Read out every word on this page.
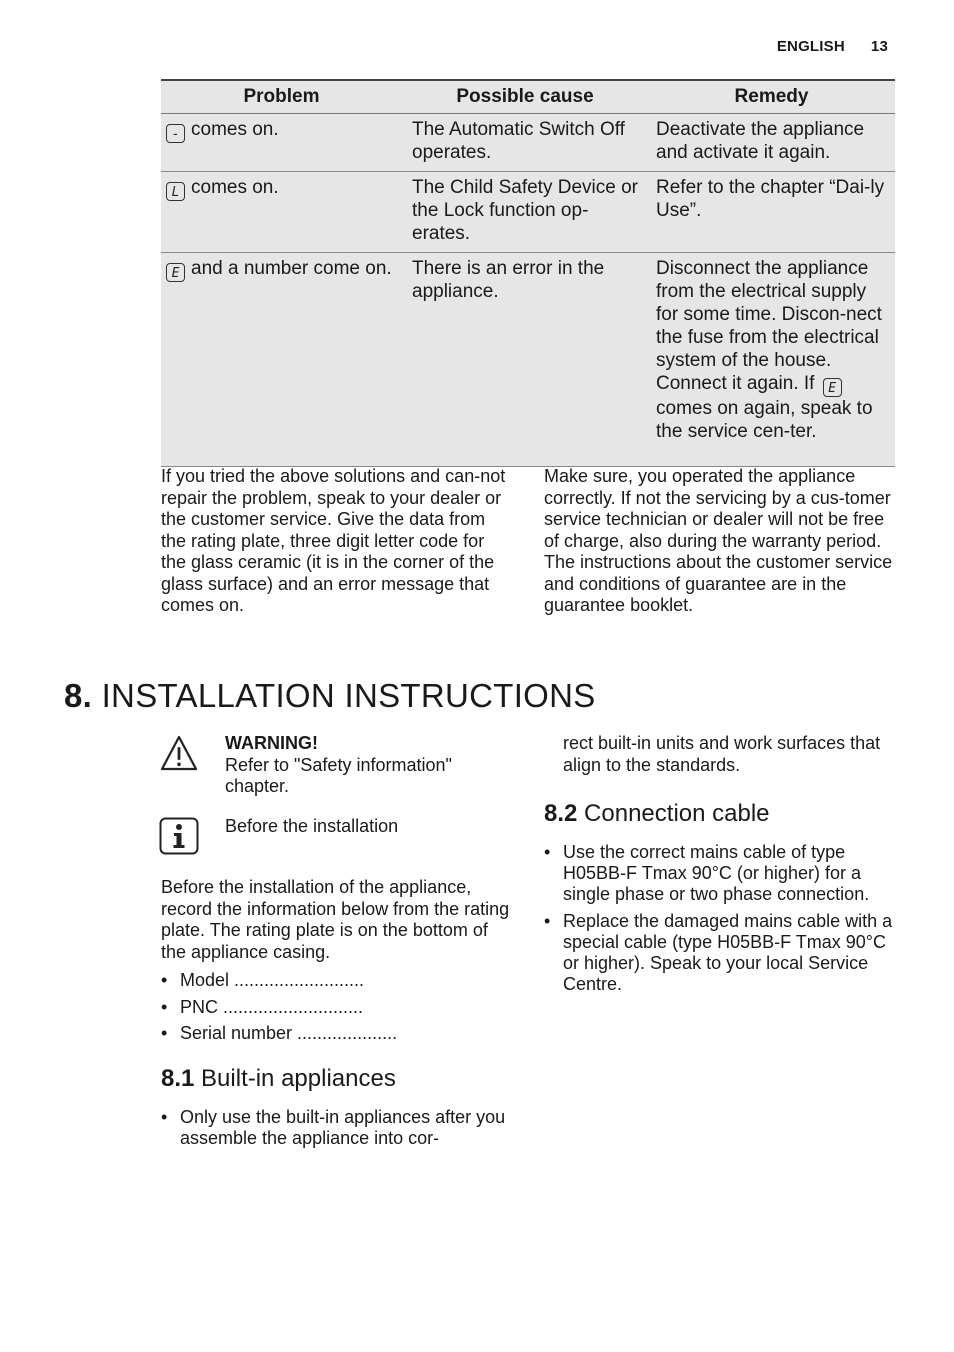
ENGLISH 13
Problem	Possible cause	Remedy
- comes on.	The Automatic Switch Off operates.	Deactivate the appliance and activate it again.
L comes on.	The Child Safety Device or the Lock function op-erates.	Refer to the chapter “Dai-ly Use”.
E and a number come on.	There is an error in the appliance.	Disconnect the appliance from the electrical supply for some time. Discon-nect the fuse from the electrical system of the house. Connect it again. If Ecomes on again, speak to the service cen-ter.
If you tried the above solutions and can-not repair the problem, speak to your dealer or the customer service. Give the data from the rating plate, three digit letter code for the glass ceramic (it is in the corner of the glass surface) and an error message that comes on.
Make sure, you operated the appliance correctly. If not the servicing by a cus-tomer service technician or dealer will not be free of charge, also during the warranty period. The instructions about the customer service and conditions of guarantee are in the guarantee booklet.
8. INSTALLATION INSTRUCTIONS
WARNING!
Refer to "Safety information" chapter.
Before the installation
Before the installation of the appliance, record the information below from the rating plate. The rating plate is on the bottom of the appliance casing.
• Model ..........................
• PNC ............................
• Serial number ....................
8.1 Built-in appliances
• Only use the built-in appliances after you assemble the appliance into cor-
rect built-in units and work surfaces that align to the standards.
8.2 Connection cable
• Use the correct mains cable of type H05BB-F Tmax 90°C (or higher) for a single phase or two phase connection.
• Replace the damaged mains cable with a special cable (type H05BB-F Tmax 90°C or higher). Speak to your local Service Centre.
